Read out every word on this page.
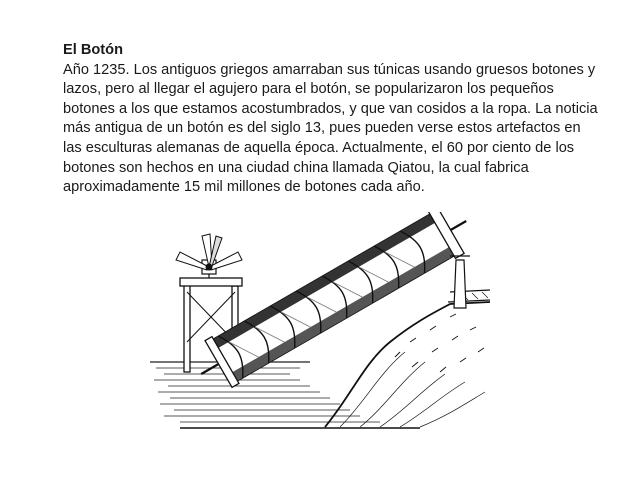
El Botón

Año 1235. Los antiguos griegos amarraban sus túnicas usando gruesos botones y lazos, pero al llegar el agujero para el botón, se popularizaron los pequeños botones a los que estamos acostumbrados, y que van cosidos a la ropa. La noticia más antigua de un botón es del siglo 13, pues pueden verse estos artefactos en las esculturas alemanas de aquella época. Actualmente, el 60 por ciento de los botones son hechos en una ciudad china llamada Qiatou, la cual fabrica aproximadamente 15 mil millones de botones cada año.
